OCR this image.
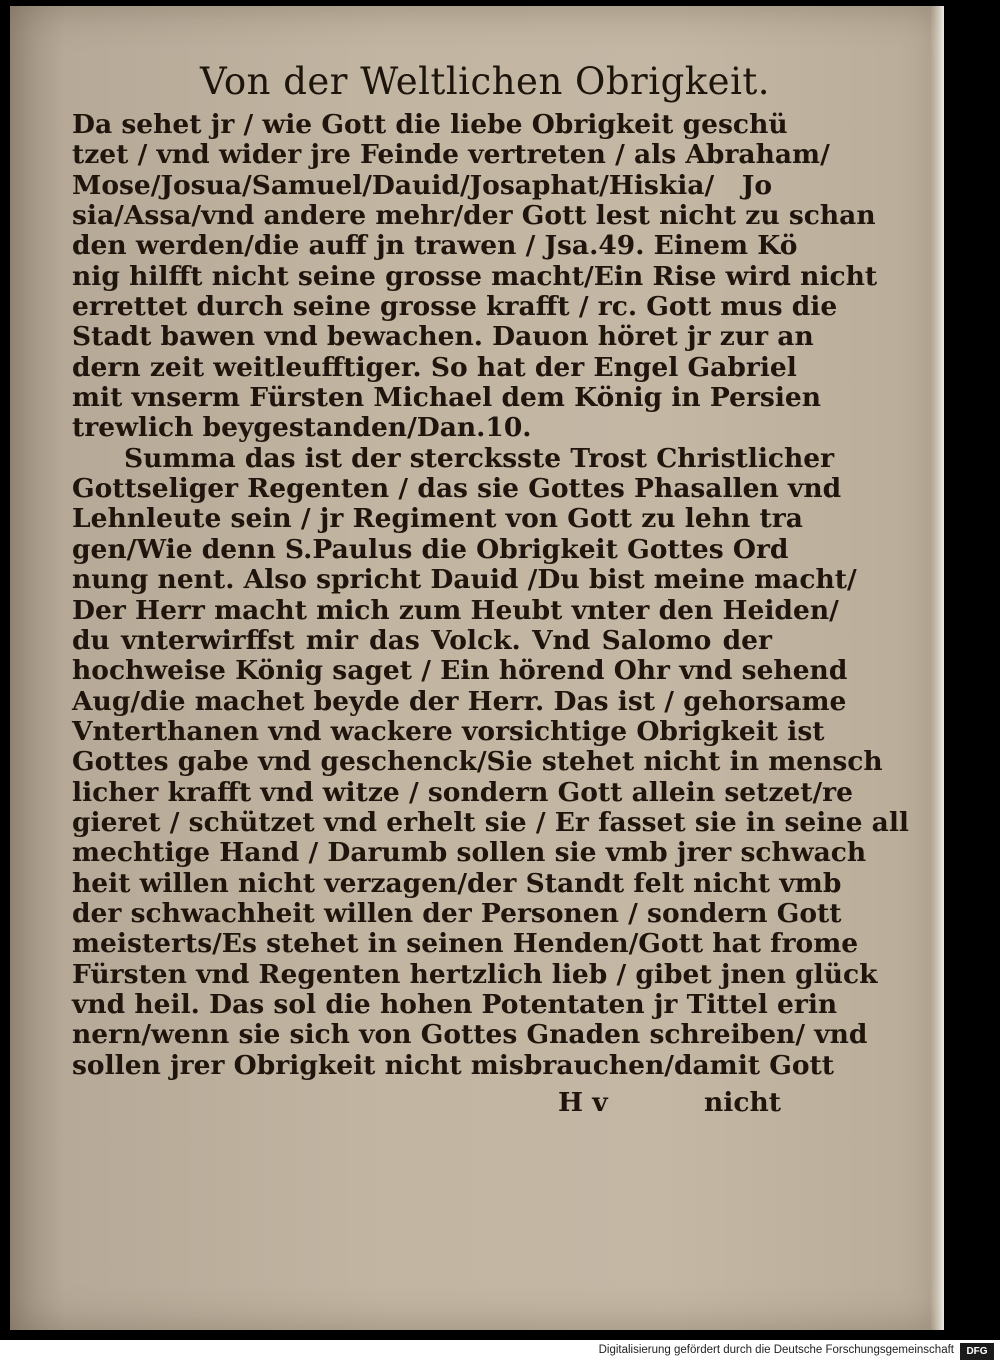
Von der Weltlichen Obrigkeit.
Da sehet jr / wie Gott die liebe Obrigkeit geschü
tzet / vnd wider jre Feinde vertreten / als Abraham/
Mose/Josua/Samuel/Dauid/Josaphat/Hiskia/ Jo
sia/Assa/vnd andere mehr/der Gott lest nicht zu schan
den werden/die auff jn trawen / Jsa.49. Einem Kö
nig hilfft nicht seine grosse macht/Ein Rise wird nicht
errettet durch seine grosse krafft / rc. Gott mus die
Stadt bawen vnd bewachen. Dauon höret jr zur an
dern zeit weitleufftiger. So hat der Engel Gabriel
mit vnserm Fürsten Michael dem König in Persien
trewlich beygestanden/Dan.10.
Summa das ist der stercksste Trost Christlicher
Gottseliger Regenten / das sie Gottes Phasallen vnd
Lehnleute sein / jr Regiment von Gott zu lehn tra
gen/Wie denn S.Paulus die Obrigkeit Gottes Ord
nung nent. Also spricht Dauid /Du bist meine macht/
Der Herr macht mich zum Heubt vnter den Heiden/
du vnterwirffst mir das Volck. Vnd Salomo der
hochweise König saget / Ein hörend Ohr vnd sehend
Aug/die machet beyde der Herr. Das ist / gehorsame
Vnterthanen vnd wackere vorsichtige Obrigkeit ist
Gottes gabe vnd geschenck/Sie stehet nicht in mensch
licher krafft vnd witze / sondern Gott allein setzet/re
gieret / schützet vnd erhelt sie / Er fasset sie in seine all
mechtige Hand / Darumb sollen sie vmb jrer schwach
heit willen nicht verzagen/der Standt felt nicht vmb
der schwachheit willen der Personen / sondern Gott
meisterts/Es stehet in seinen Henden/Gott hat frome
Fürsten vnd Regenten hertzlich lieb / gibet jnen glück
vnd heil. Das sol die hohen Potentaten jr Tittel erin
nern/wenn sie sich von Gottes Gnaden schreiben/ vnd
sollen jrer Obrigkeit nicht misbrauchen/damit Gott
H v	nicht
Digitalisierung gefördert durch die Deutsche Forschungsgemeinschaft	DFG
